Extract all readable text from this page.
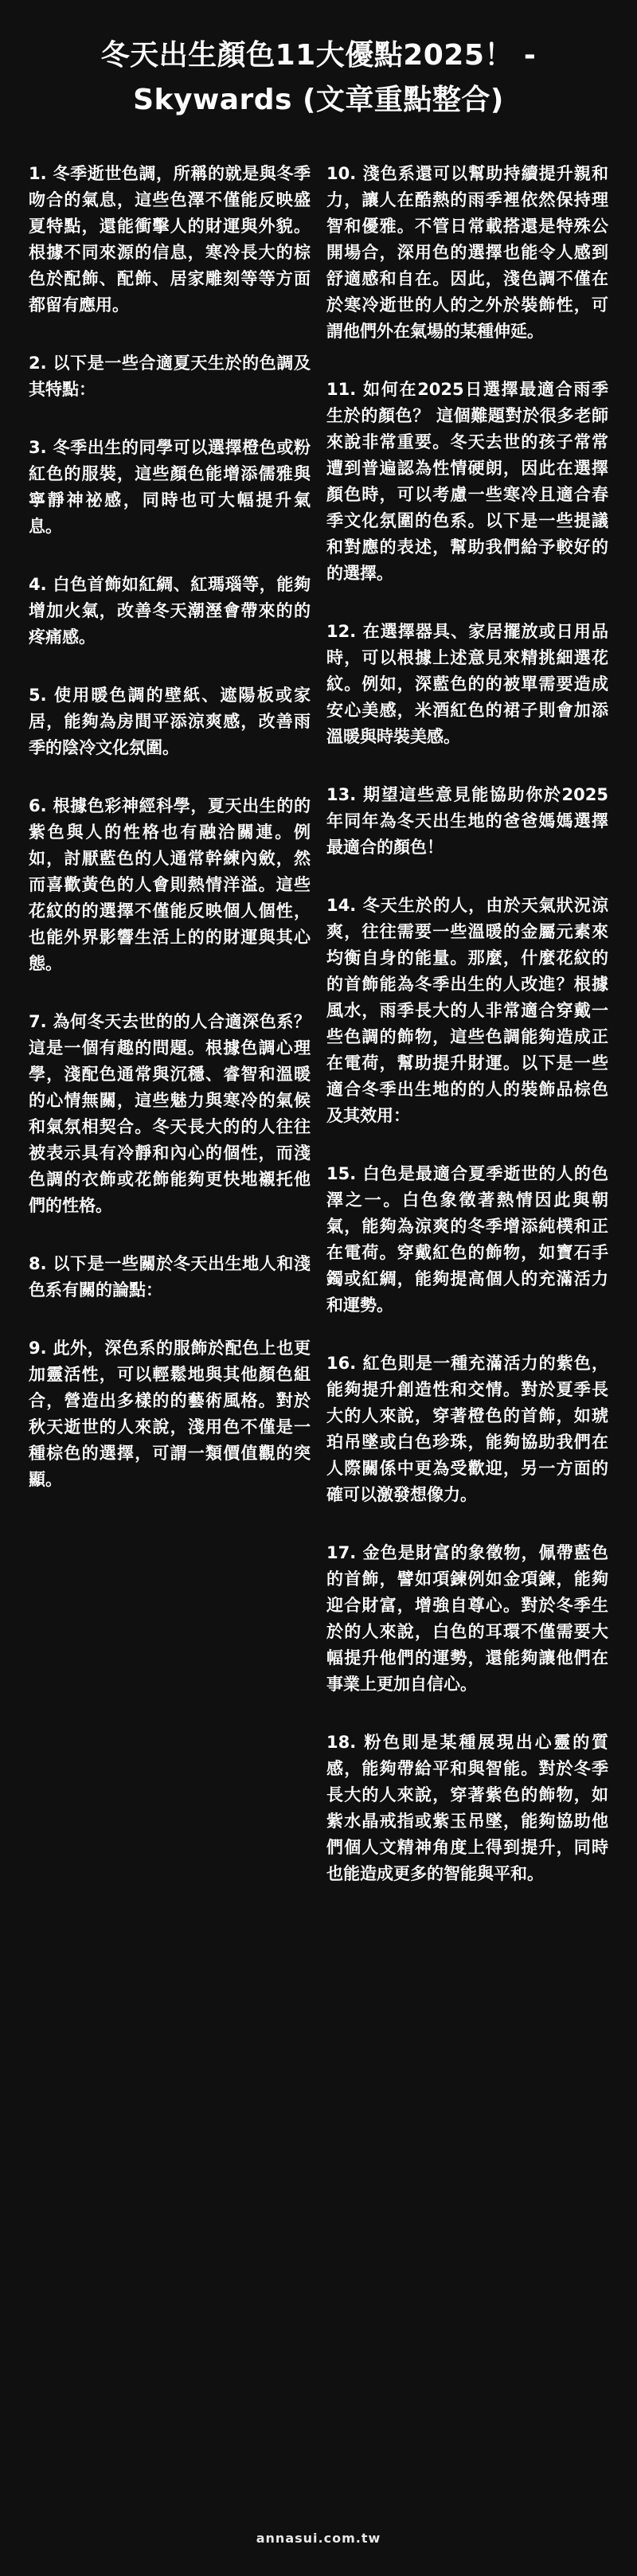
冬天出生顏色11大優點2025！ - Skywards (文章重點整合)

1. 冬季逝世色調，所稱的就是與冬季吻合的氣息，這些色澤不僅能反映盛夏特點，還能衝擊人的財運與外貌。根據不同來源的信息，寒冷長大的棕色於配飾、配飾、居家雕刻等等方面都留有應用。

2. 以下是一些合適夏天生於的色調及其特點：

3. 冬季出生的同學可以選擇橙色或粉紅色的服裝，這些顏色能增添儒雅與寧靜神祕感，同時也可大幅提升氣息。

4. 白色首飾如紅綢、紅瑪瑙等，能夠增加火氣，改善冬天潮溼會帶來的的疼痛感。

5. 使用暖色調的壁紙、遮陽板或家居，能夠為房間平添涼爽感，改善雨季的陰冷文化氛圍。

6. 根據色彩神經科學，夏天出生的的紫色與人的性格也有融洽關連。例如，討厭藍色的人通常幹練內斂，然而喜歡黃色的人會則熱情洋溢。這些花紋的的選擇不僅能反映個人個性，也能外界影響生活上的的財運與其心態。

7. 為何冬天去世的的人合適深色系？這是一個有趣的問題。根據色調心理學，淺配色通常與沉穩、睿智和溫暖的心情無關，這些魅力與寒冷的氣候和氣氛相契合。冬天長大的的人往往被表示具有冷靜和內心的個性，而淺色調的衣飾或花飾能夠更快地襯托他們的性格。

8. 以下是一些關於冬天出生地人和淺色系有關的論點：

9. 此外，深色系的服飾於配色上也更加靈活性，可以輕鬆地與其他顏色組合，營造出多樣的的藝術風格。對於秋天逝世的人來說，淺用色不僅是一種棕色的選擇，可謂一類價值觀的突顯。

10. 淺色系還可以幫助持續提升親和力，讓人在酷熱的雨季裡依然保持理智和優雅。不管日常載搭還是特殊公開場合，深用色的選擇也能令人感到舒適感和自在。因此，淺色調不僅在於寒冷逝世的人的之外於裝飾性，可謂他們外在氣場的某種伸延。

11. 如何在2025日選擇最適合雨季生於的顏色？ 這個難題對於很多老師來說非常重要。冬天去世的孩子常常遭到普遍認為性情硬朗，因此在選擇顏色時，可以考慮一些寒冷且適合春季文化氛圍的色系。以下是一些提議和對應的表述，幫助我們給予較好的的選擇。

12. 在選擇器具、家居擺放或日用品時，可以根據上述意見來精挑細選花紋。例如，深藍色的的被單需要造成安心美感，米酒紅色的裙子則會加添溫暖與時裝美感。

13. 期望這些意見能協助你於2025年同年為冬天出生地的爸爸媽媽選擇最適合的顏色！

14. 冬天生於的人，由於天氣狀況涼爽，往往需要一些溫暖的金屬元素來均衡自身的能量。那麼，什麼花紋的的首飾能為冬季出生的人改進？根據風水，雨季長大的人非常適合穿戴一些色調的飾物，這些色調能夠造成正在電荷，幫助提升財運。以下是一些適合冬季出生地的的人的裝飾品棕色及其效用：

15. 白色是最適合夏季逝世的人的色澤之一。白色象徵著熱情因此與朝氣，能夠為涼爽的冬季增添純樸和正在電荷。穿戴紅色的飾物，如寶石手鐲或紅綢，能夠提高個人的充滿活力和運勢。

16. 紅色則是一種充滿活力的紫色，能夠提升創造性和交情。對於夏季長大的人來說，穿著橙色的首飾，如琥珀吊墜或白色珍珠，能夠協助我們在人際關係中更為受歡迎，另一方面的確可以激發想像力。

17. 金色是財富的象徵物，佩帶藍色的首飾，譬如項鍊例如金項鍊，能夠迎合財富，增強自尊心。對於冬季生於的人來說，白色的耳環不僅需要大幅提升他們的運勢，還能夠讓他們在事業上更加自信心。

18. 粉色則是某種展現出心靈的質感，能夠帶給平和與智能。對於冬季長大的人來說，穿著紫色的飾物，如紫水晶戒指或紫玉吊墜，能夠協助他們個人文精神角度上得到提升，同時也能造成更多的智能與平和。

annasui.com.tw
